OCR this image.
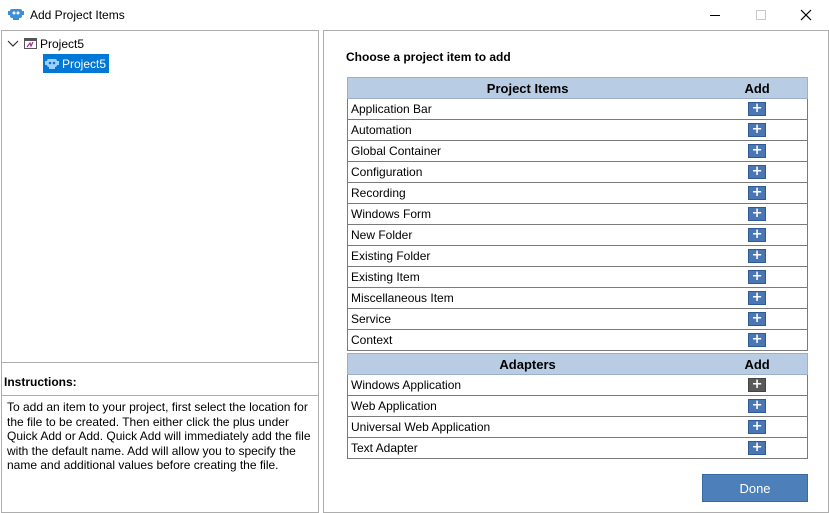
Add Project Items
Project5
Project5
Instructions:
To add an item to your project, first select the location for the file to be created. Then either click the plus under Quick Add or Add. Quick Add will immediately add the file with the default name. Add will allow you to specify the name and additional values before creating the file.
Choose a project item to add
Project Items	Add
Application Bar	+
Automation	+
Global Container	+
Configuration	+
Recording	+
Windows Form	+
New Folder	+
Existing Folder	+
Existing Item	+
Miscellaneous Item	+
Service	+
Context	+
Adapters	Add
Windows Application	+
Web Application	+
Universal Web Application	+
Text Adapter	+
Done
